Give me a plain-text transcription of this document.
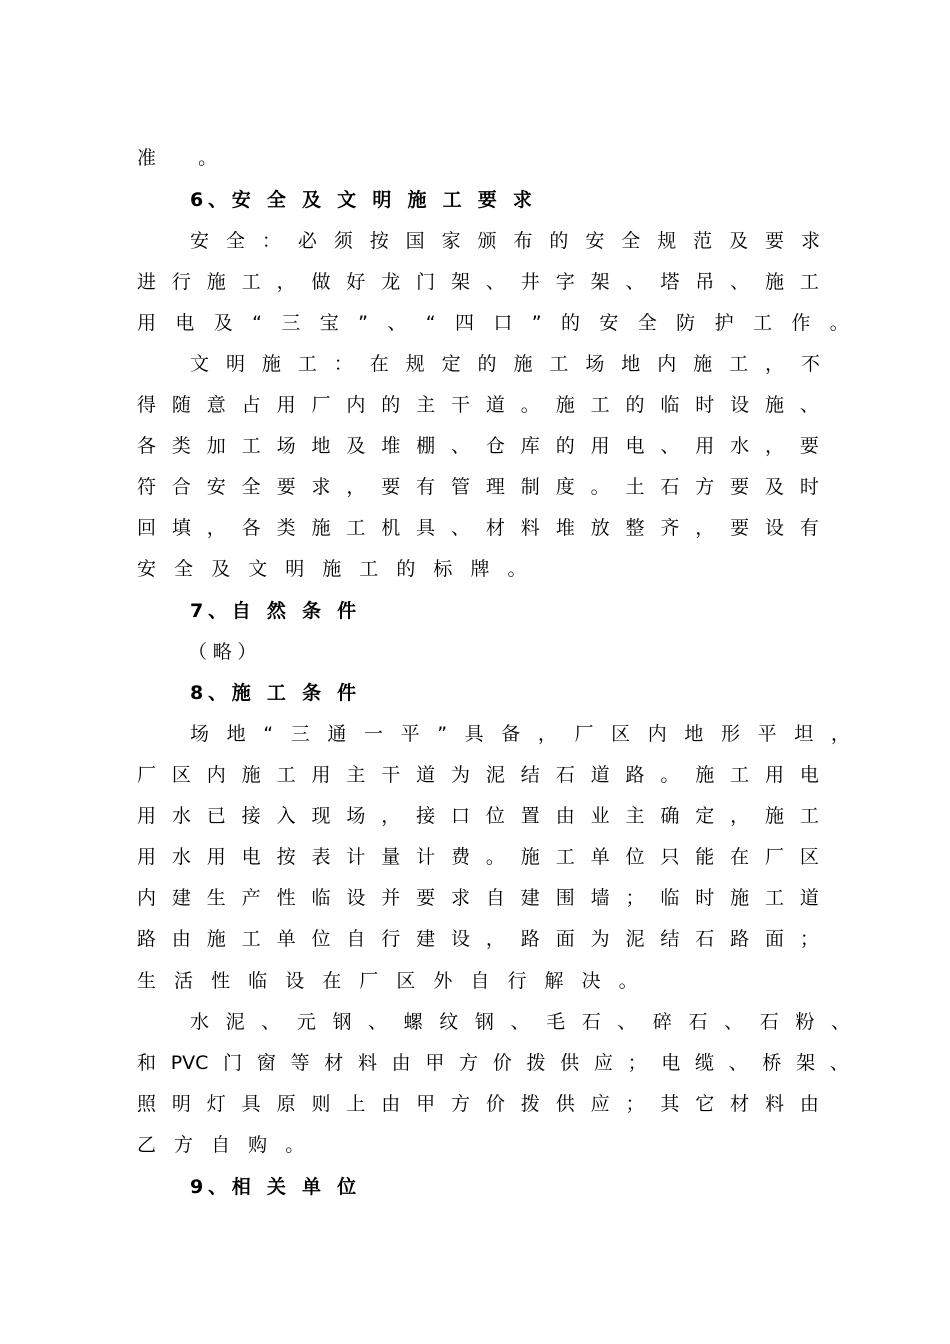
准 。
6、安全及文明施工要求
安 全 ： 必 须 按 国 家 颁 布 的 安 全 规 范 及 要 求
进 行 施 工 ， 做 好 龙 门 架 、 井 字 架 、 塔 吊 、 施 工
用 电 及 “ 三 宝 ” 、 “ 四 口 ” 的 安 全 防 护 工 作 。
文 明 施 工 ： 在 规 定 的 施 工 场 地 内 施 工 ， 不
得 随 意 占 用 厂 内 的 主 干 道 。 施 工 的 临 时 设 施 、
各 类 加 工 场 地 及 堆 棚 、 仓 库 的 用 电 、 用 水 ， 要
符 合 安 全 要 求 ， 要 有 管 理 制 度 。 土 石 方 要 及 时
回 填 ， 各 类 施 工 机 具 、 材 料 堆 放 整 齐 ， 要 设 有
安全及文明施工的标牌。
7、自然条件
（略）
8、施工条件
场 地 “ 三 通 一 平 ” 具 备 ， 厂 区 内 地 形 平 坦 ，
厂 区 内 施 工 用 主 干 道 为 泥 结 石 道 路 。 施 工 用 电
用 水 已 接 入 现 场 ， 接 口 位 置 由 业 主 确 定 ， 施 工
用 水 用 电 按 表 计 量 计 费 。 施 工 单 位 只 能 在 厂 区
内 建 生 产 性 临 设 并 要 求 自 建 围 墙 ； 临 时 施 工 道
路 由 施 工 单 位 自 行 建 设 ， 路 面 为 泥 结 石 路 面 ；
生活性临设在厂区外自行解决。
水 泥 、 元 钢 、 螺 纹 钢 、 毛 石 、 碎 石 、 石 粉 、
和 PVC 门 窗 等 材 料 由 甲 方 价 拨 供 应 ； 电 缆 、 桥 架 、
照 明 灯 具 原 则 上 由 甲 方 价 拨 供 应 ； 其 它 材 料 由
乙方自购。
9、相关单位
